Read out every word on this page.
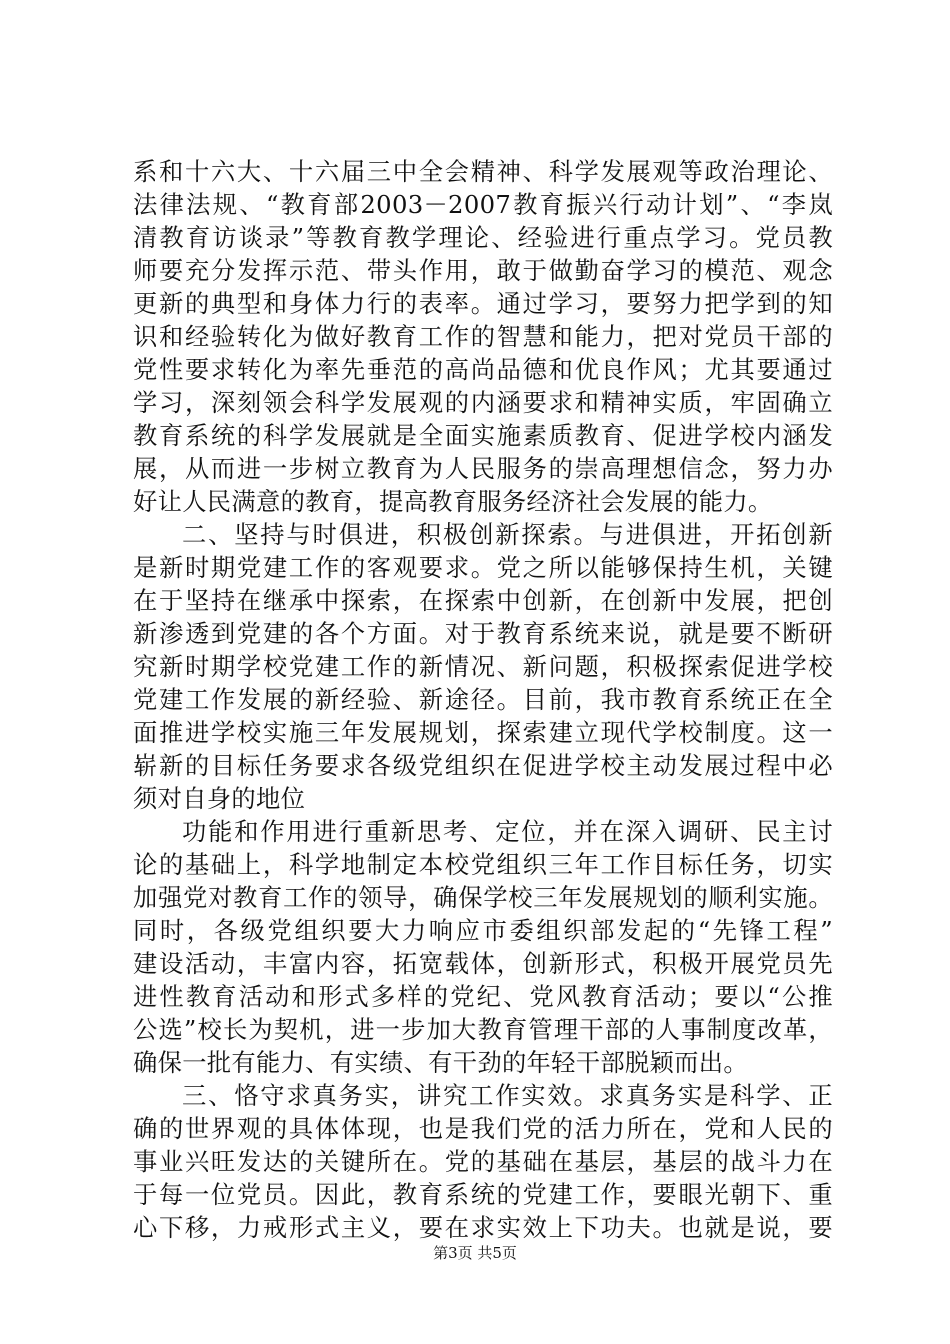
系和十六大、十六届三中全会精神、科学发展观等政治理论、
法律法规、“教育部2003－2007教育振兴行动计划”、“李岚
清教育访谈录”等教育教学理论、经验进行重点学习。党员教
师要充分发挥示范、带头作用，敢于做勤奋学习的模范、观念
更新的典型和身体力行的表率。通过学习，要努力把学到的知
识和经验转化为做好教育工作的智慧和能力，把对党员干部的
党性要求转化为率先垂范的高尚品德和优良作风；尤其要通过
学习，深刻领会科学发展观的内涵要求和精神实质，牢固确立
教育系统的科学发展就是全面实施素质教育、促进学校内涵发
展，从而进一步树立教育为人民服务的崇高理想信念，努力办
好让人民满意的教育，提高教育服务经济社会发展的能力。
二、坚持与时俱进，积极创新探索。与进俱进，开拓创新
是新时期党建工作的客观要求。党之所以能够保持生机，关键
在于坚持在继承中探索，在探索中创新，在创新中发展，把创
新渗透到党建的各个方面。对于教育系统来说，就是要不断研
究新时期学校党建工作的新情况、新问题，积极探索促进学校
党建工作发展的新经验、新途径。目前，我市教育系统正在全
面推进学校实施三年发展规划，探索建立现代学校制度。这一
崭新的目标任务要求各级党组织在促进学校主动发展过程中必
须对自身的地位
功能和作用进行重新思考、定位，并在深入调研、民主讨
论的基础上，科学地制定本校党组织三年工作目标任务，切实
加强党对教育工作的领导，确保学校三年发展规划的顺利实施。
同时，各级党组织要大力响应市委组织部发起的“先锋工程”
建设活动，丰富内容，拓宽载体，创新形式，积极开展党员先
进性教育活动和形式多样的党纪、党风教育活动；要以“公推
公选”校长为契机，进一步加大教育管理干部的人事制度改革，
确保一批有能力、有实绩、有干劲的年轻干部脱颖而出。
三、恪守求真务实，讲究工作实效。求真务实是科学、正
确的世界观的具体体现，也是我们党的活力所在，党和人民的
事业兴旺发达的关键所在。党的基础在基层，基层的战斗力在
于每一位党员。因此，教育系统的党建工作，要眼光朝下、重
心下移，力戒形式主义，要在求实效上下功夫。也就是说，要
第3页 共5页
